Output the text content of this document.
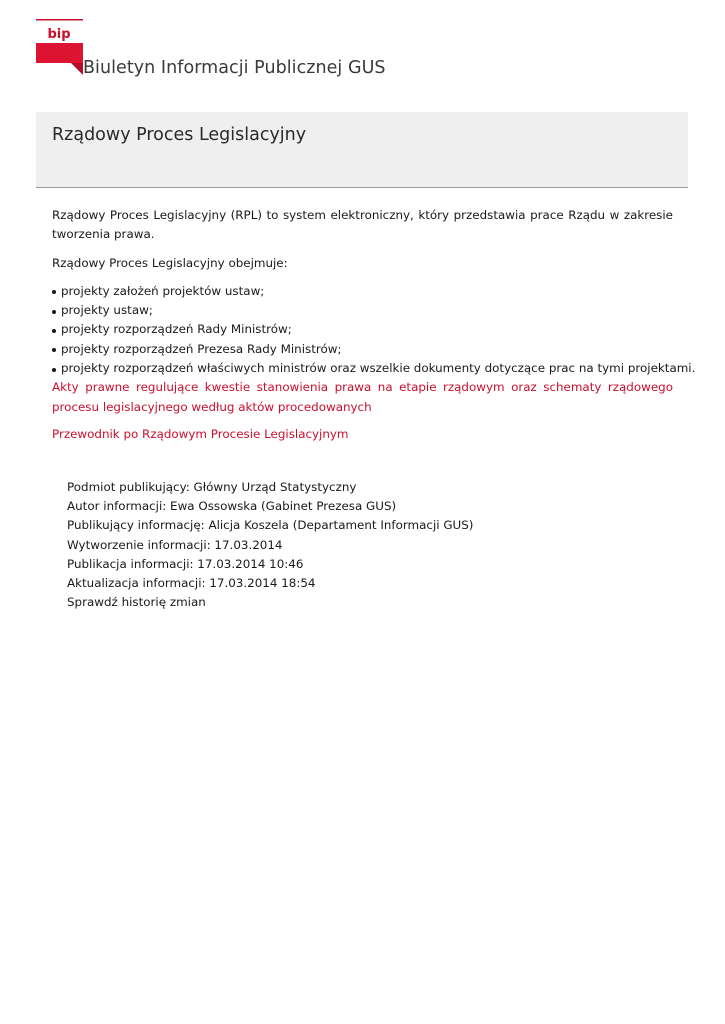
bip
Biuletyn Informacji Publicznej GUS
Rządowy Proces Legislacyjny

Rządowy Proces Legislacyjny (RPL) to system elektroniczny, który przedstawia prace Rządu w zakresie tworzenia prawa.

Rządowy Proces Legislacyjny obejmuje:

projekty założeń projektów ustaw;
projekty ustaw;
projekty rozporządzeń Rady Ministrów;
projekty rozporządzeń Prezesa Rady Ministrów;
projekty rozporządzeń właściwych ministrów oraz wszelkie dokumenty dotyczące prac na tymi projektami.
Akty prawne regulujące kwestie stanowienia prawa na etapie rządowym oraz schematy rządowego procesu legislacyjnego według aktów procedowanych
Przewodnik po Rządowym Procesie Legislacyjnym
Podmiot publikujący: Główny Urząd Statystyczny
Autor informacji: Ewa Ossowska (Gabinet Prezesa GUS)
Publikujący informację: Alicja Koszela (Departament Informacji GUS)
Wytworzenie informacji: 17.03.2014
Publikacja informacji: 17.03.2014 10:46
Aktualizacja informacji: 17.03.2014 18:54
Sprawdź historię zmian
